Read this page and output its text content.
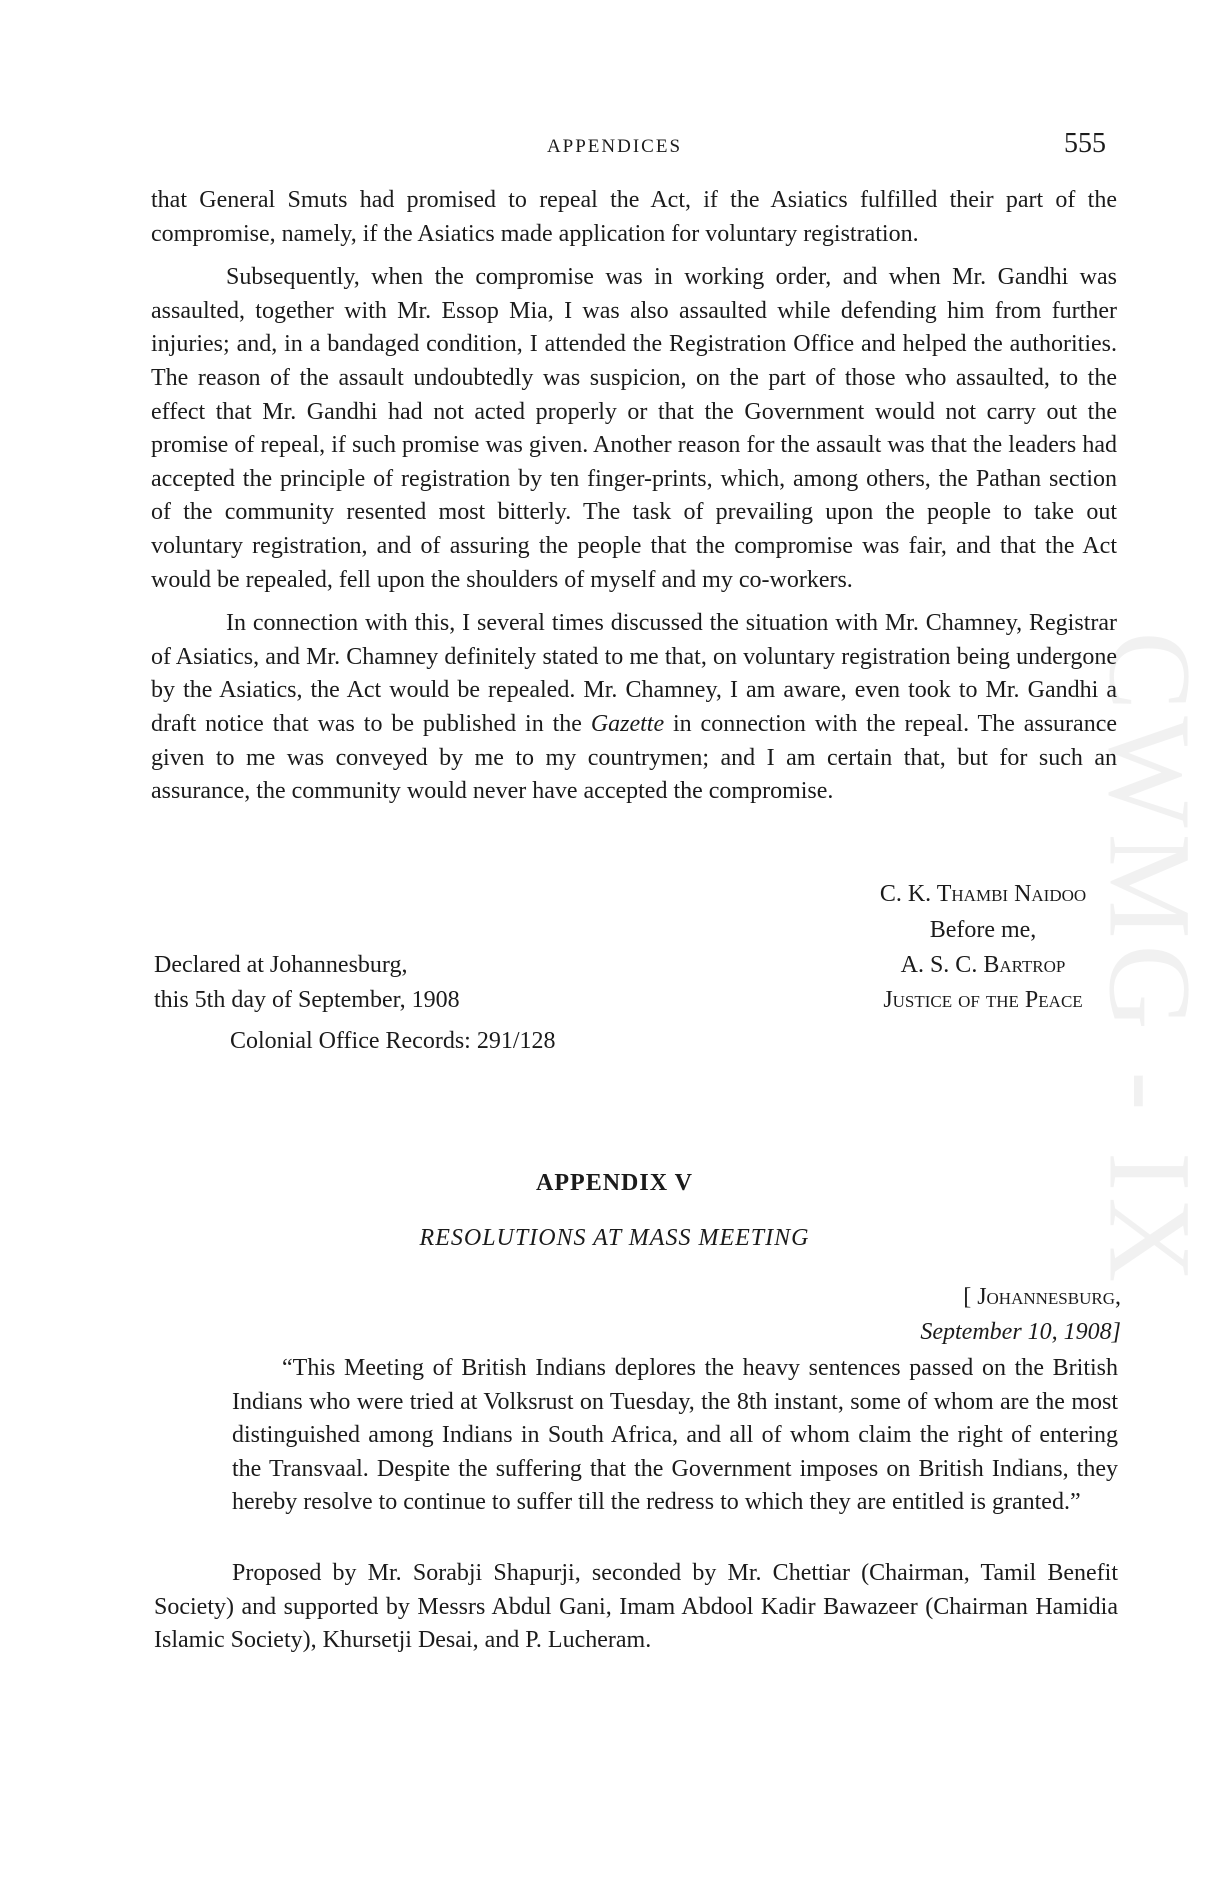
CWMG - IX
APPENDICES	555

that General Smuts had promised to repeal the Act, if the Asiatics fulfilled their part of the compromise, namely, if the Asiatics made application for voluntary registration.

Subsequently, when the compromise was in working order, and when Mr. Gandhi was assaulted, together with Mr. Essop Mia, I was also assaulted while defending him from further injuries; and, in a bandaged condition, I attended the Registration Office and helped the authorities. The reason of the assault undoubtedly was suspicion, on the part of those who assaulted, to the effect that Mr. Gandhi had not acted properly or that the Government would not carry out the promise of repeal, if such promise was given. Another reason for the assault was that the leaders had accepted the principle of registration by ten finger-prints, which, among others, the Pathan section of the community resented most bitterly. The task of prevailing upon the people to take out voluntary registration, and of assuring the people that the compromise was fair, and that the Act would be repealed, fell upon the shoulders of myself and my co-workers.

In connection with this, I several times discussed the situation with Mr. Chamney, Registrar of Asiatics, and Mr. Chamney definitely stated to me that, on voluntary registration being undergone by the Asiatics, the Act would be repealed. Mr. Chamney, I am aware, even took to Mr. Gandhi a draft notice that was to be published in the Gazette in connection with the repeal. The assurance given to me was conveyed by me to my countrymen; and I am certain that, but for such an assurance, the community would never have accepted the compromise.

C. K. Thambi Naidoo
Before me,
A. S. C. Bartrop
Justice of the Peace
Declared at Johannesburg,
this 5th day of September, 1908
Colonial Office Records: 291/128
APPENDIX V
RESOLUTIONS AT MASS MEETING
[ Johannesburg,
September 10, 1908]

“This Meeting of British Indians deplores the heavy sentences passed on the British Indians who were tried at Volksrust on Tuesday, the 8th instant, some of whom are the most distinguished among Indians in South Africa, and all of whom claim the right of entering the Transvaal. Despite the suffering that the Government imposes on British Indians, they hereby resolve to continue to suffer till the redress to which they are entitled is granted.”

Proposed by Mr. Sorabji Shapurji, seconded by Mr. Chettiar (Chairman, Tamil Benefit Society) and supported by Messrs Abdul Gani, Imam Abdool Kadir Bawazeer (Chairman Hamidia Islamic Society), Khursetji Desai, and P. Lucheram.
